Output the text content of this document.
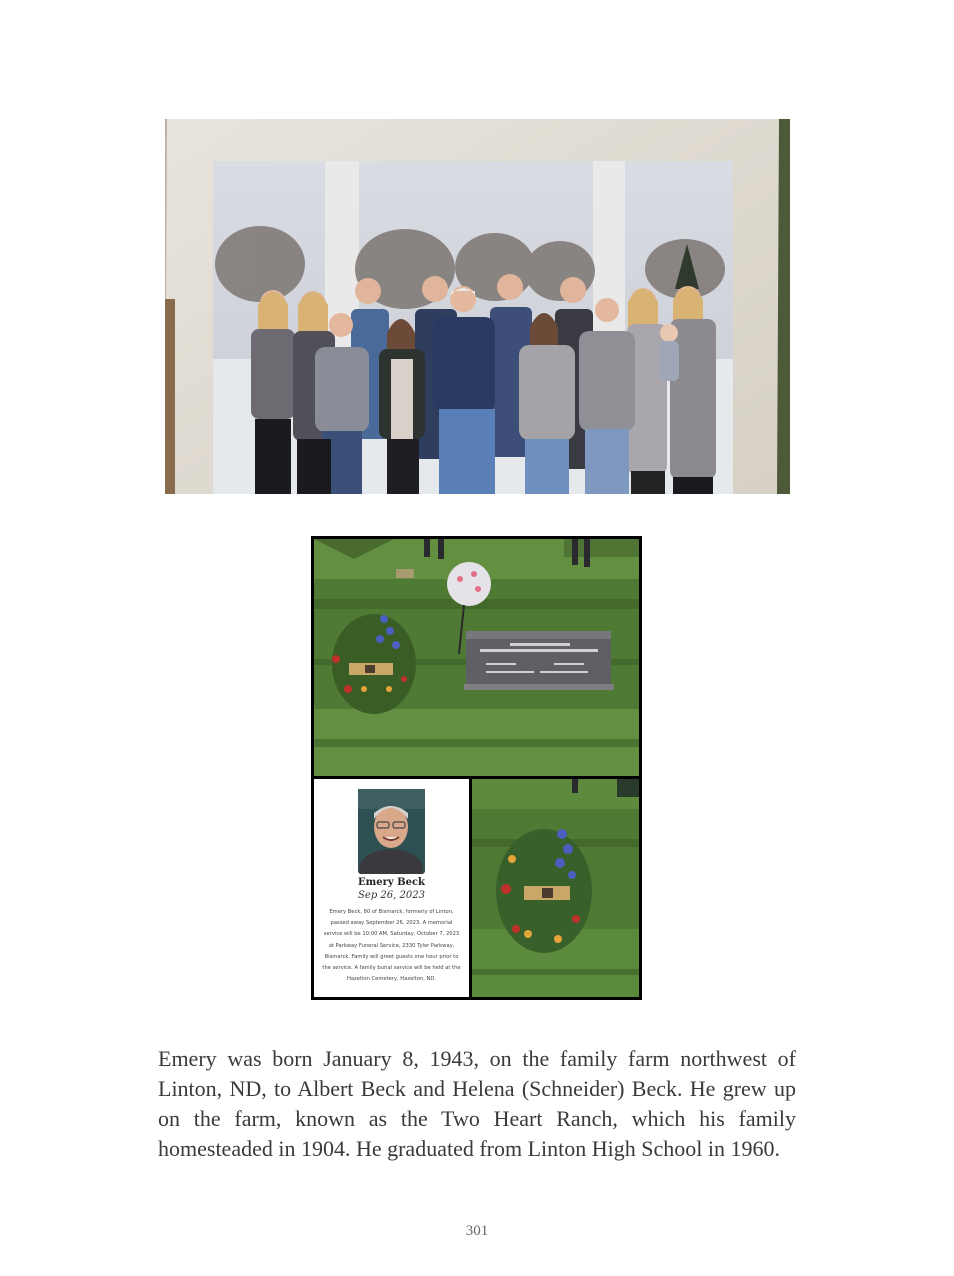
Emery Beck
Sep 26, 2023
Emery Beck, 80 of Bismarck, formerly of Linton, passed away September 26, 2023. A memorial service will be 10:00 AM, Saturday, October 7, 2023 at Parkway Funeral Service, 2330 Tyler Parkway, Bismarck. Family will greet guests one hour prior to the service. A family burial service will be held at the Hazelton Cemetery, Hazelton, ND.

Emery was born January 8, 1943, on the family farm northwest of Linton, ND, to Albert Beck and Helena (Schneider) Beck. He grew up on the farm, known as the Two Heart Ranch, which his family homesteaded in 1904. He graduated from Linton High School in 1960.

301
